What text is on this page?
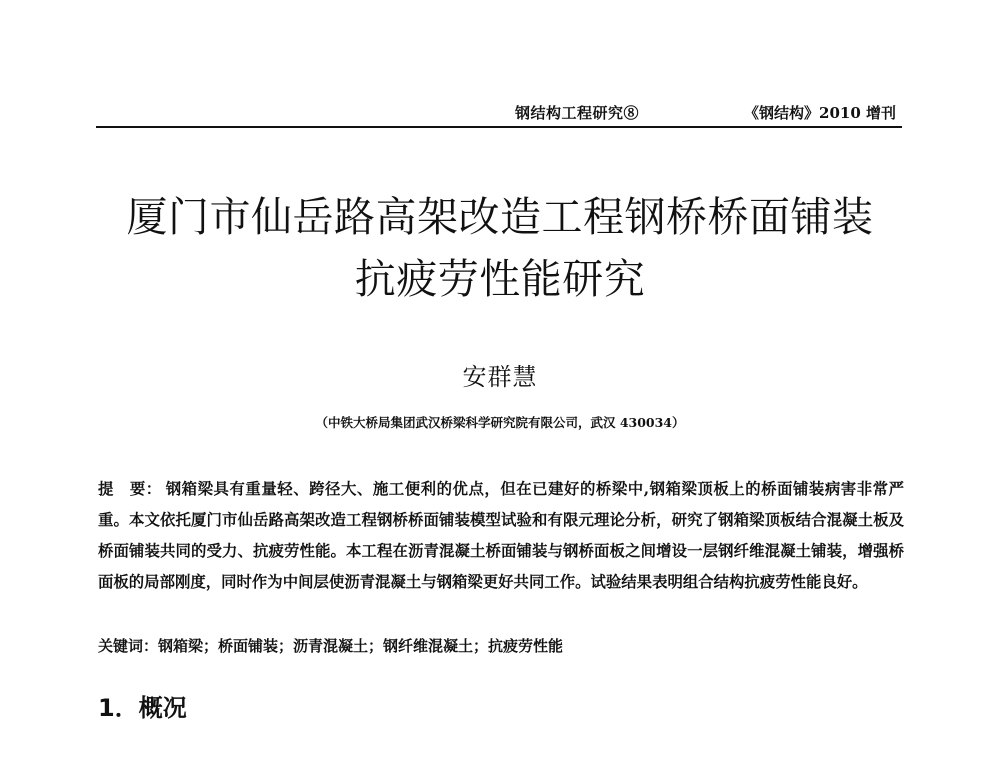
钢结构工程研究⑧	《钢结构》2010 增刊
厦门市仙岳路高架改造工程钢桥桥面铺装
抗疲劳性能研究
安群慧
（中铁大桥局集团武汉桥梁科学研究院有限公司，武汉 430034）
提　要： 钢箱梁具有重量轻、跨径大、施工便利的优点，但在已建好的桥梁中,钢箱梁顶板上的桥面铺装病害非常严重。本文依托厦门市仙岳路高架改造工程钢桥桥面铺装模型试验和有限元理论分析，研究了钢箱梁顶板结合混凝土板及桥面铺装共同的受力、抗疲劳性能。本工程在沥青混凝土桥面铺装与钢桥面板之间增设一层钢纤维混凝土铺装，增强桥面板的局部刚度，同时作为中间层使沥青混凝土与钢箱梁更好共同工作。试验结果表明组合结构抗疲劳性能良好。
关键词：钢箱梁；桥面铺装；沥青混凝土；钢纤维混凝土；抗疲劳性能
1．概况
